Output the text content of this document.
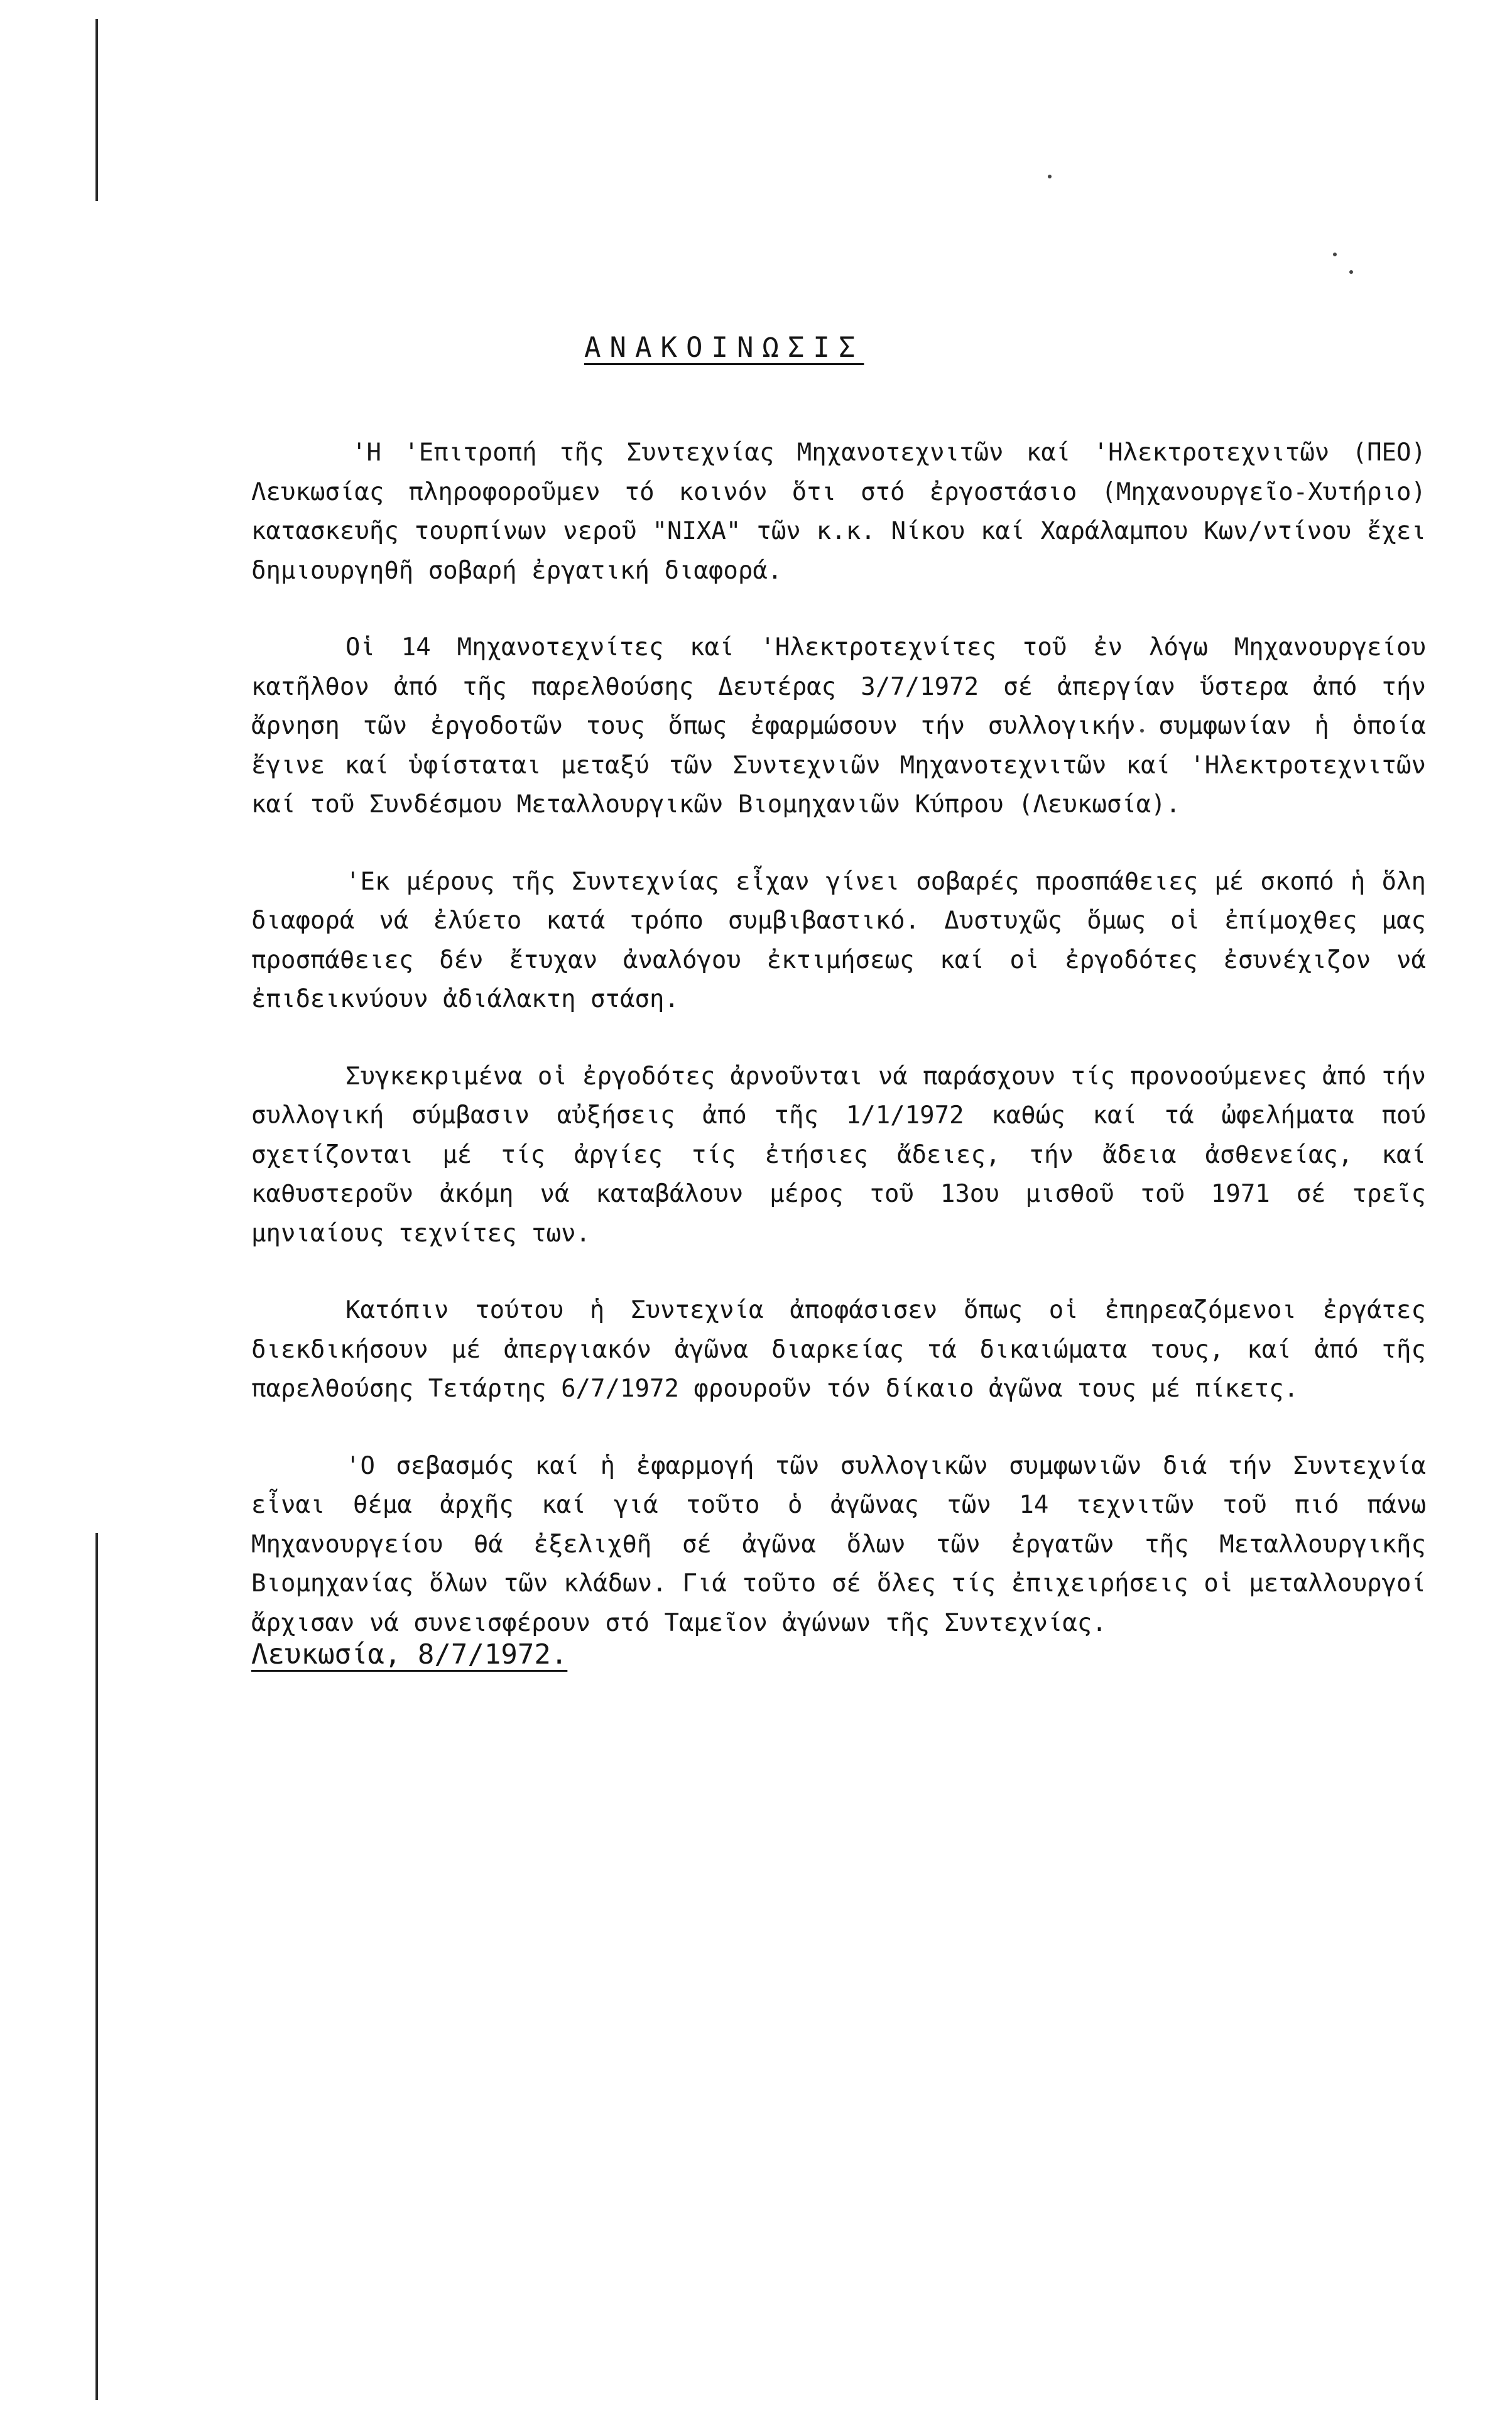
ΑΝΑΚΟΙΝΩΣΙΣ

'Η 'Επιτροπή τῆς Συντεχνίας Μηχανοτεχνιτῶν καί 'Ηλεκτροτεχνιτῶν (ΠΕΟ) Λευκωσίας πληροφοροῦμεν τό κοινόν ὅτι στό ἐργοστάσιο (Μηχανουργεῖο-Χυτήριο) κατασκευῆς τουρπίνων νεροῦ "ΝΙΧΑ" τῶν κ.κ. Νίκου καί Χαράλαμπου Κων/ντίνου ἔχει δημιουργηθῆ σοβαρή ἐργατική διαφορά.

Οἱ 14 Μηχανοτεχνίτες καί 'Ηλεκτροτεχνίτες τοῦ ἐν λόγω Μηχανουργείου κατῆλθον ἀπό τῆς παρελθούσης Δευτέρας 3/7/1972 σέ ἀπεργίαν ὕστερα ἀπό τήν ἄρνηση τῶν ἐργοδοτῶν τους ὅπως ἐφαρμώσουν τήν συλλογικήν συμφωνίαν ἡ ὁποία ἔγινε καί ὑφίσταται μεταξύ τῶν Συντεχνιῶν Μηχανοτεχνιτῶν καί 'Ηλεκτροτεχνιτῶν καί τοῦ Συνδέσμου Μεταλλουργικῶν Βιομηχανιῶν Κύπρου (Λευκωσία).

'Εκ μέρους τῆς Συντεχνίας εἶχαν γίνει σοβαρές προσπάθειες μέ σκοπό ἡ ὅλη διαφορά νά ἐλύετο κατά τρόπο συμβιβαστικό. Δυστυχῶς ὅμως οἱ ἐπίμοχθες μας προσπάθειες δέν ἔτυχαν ἀναλόγου ἐκτιμήσεως καί οἱ ἐργοδότες ἐσυνέχιζον νά ἐπιδεικνύουν ἀδιάλακτη στάση.

Συγκεκριμένα οἱ ἐργοδότες ἀρνοῦνται νά παράσχουν τίς προνοούμενες ἀπό τήν συλλογική σύμβασιν αὐξήσεις ἀπό τῆς 1/1/1972 καθώς καί τά ὠφελήματα πού σχετίζονται μέ τίς ἀργίες τίς ἐτήσιες ἄδειες, τήν ἄδεια ἀσθενείας, καί καθυστεροῦν ἀκόμη νά καταβάλουν μέρος τοῦ 13ου μισθοῦ τοῦ 1971 σέ τρεῖς μηνιαίους τεχνίτες των.

Κατόπιν τούτου ἡ Συντεχνία ἀποφάσισεν ὅπως οἱ ἐπηρεαζόμενοι ἐργάτες διεκδικήσουν μέ ἀπεργιακόν ἀγῶνα διαρκείας τά δικαιώματα τους, καί ἀπό τῆς παρελθούσης Τετάρτης 6/7/1972 φρουροῦν τόν δίκαιο ἀγῶνα τους μέ πίκετς.

'Ο σεβασμός καί ἡ ἐφαρμογή τῶν συλλογικῶν συμφωνιῶν διά τήν Συντεχνία εἶναι θέμα ἀρχῆς καί γιά τοῦτο ὁ ἀγῶνας τῶν 14 τεχνιτῶν τοῦ πιό πάνω Μηχανουργείου θά ἐξελιχθῆ σέ ἀγῶνα ὅλων τῶν ἐργατῶν τῆς Μεταλλουργικῆς Βιομηχανίας ὅλων τῶν κλάδων. Γιά τοῦτο σέ ὅλες τίς ἐπιχειρήσεις οἱ μεταλλουργοί ἄρχισαν νά συνεισφέρουν στό Ταμεῖον ἀγώνων τῆς Συντεχνίας.

Λευκωσία, 8/7/1972.
